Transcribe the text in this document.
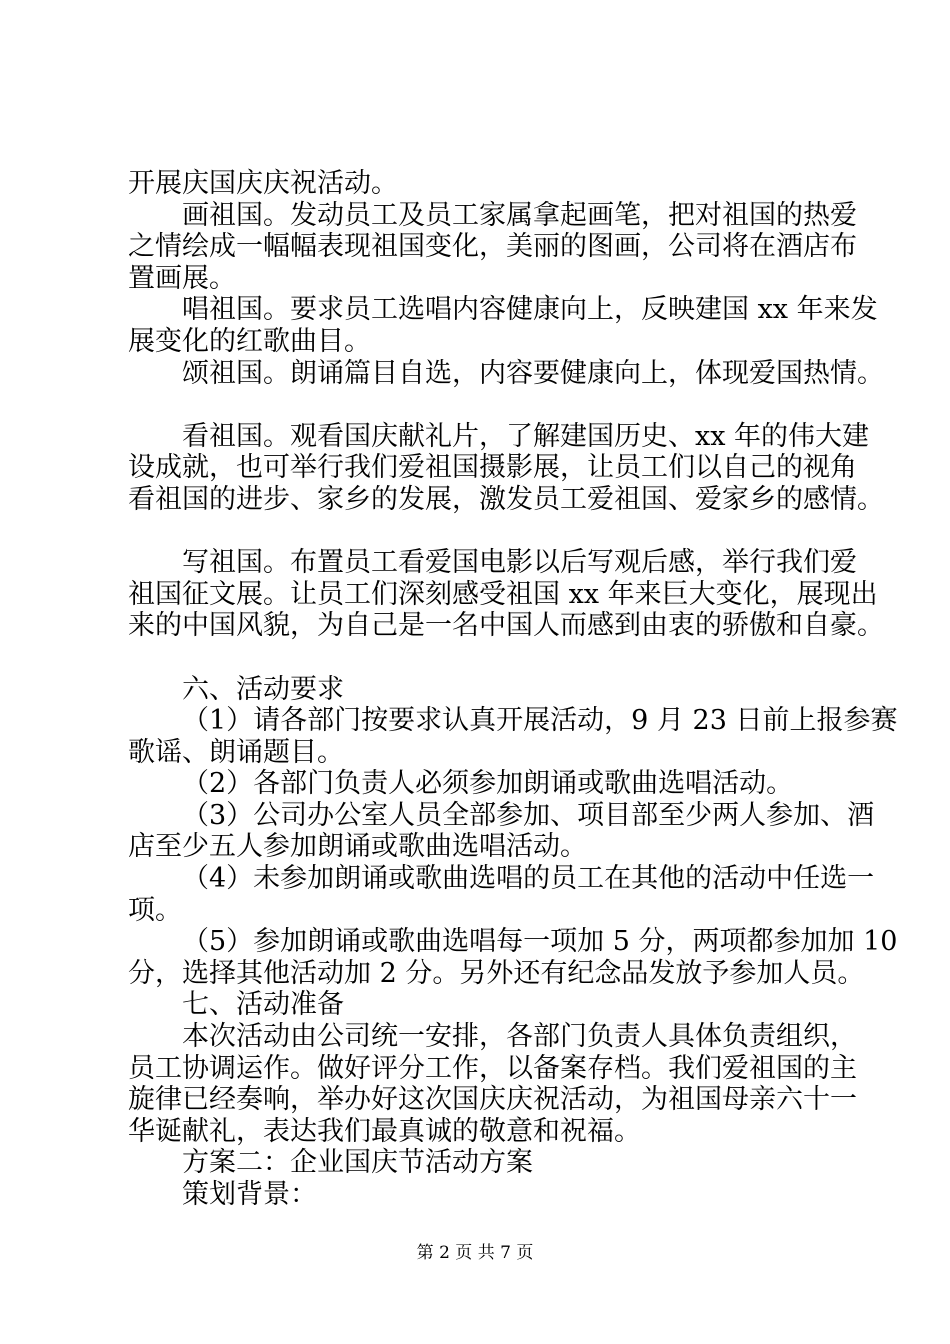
开展庆国庆庆祝活动。
画祖国。发动员工及员工家属拿起画笔，把对祖国的热爱
之情绘成一幅幅表现祖国变化，美丽的图画，公司将在酒店布
置画展。
唱祖国。要求员工选唱内容健康向上，反映建国 xx 年来发
展变化的红歌曲目。
颂祖国。朗诵篇目自选，内容要健康向上，体现爱国热情。
看祖国。观看国庆献礼片，了解建国历史、xx 年的伟大建
设成就，也可举行我们爱祖国摄影展，让员工们以自己的视角
看祖国的进步、家乡的发展，激发员工爱祖国、爱家乡的感情。
写祖国。布置员工看爱国电影以后写观后感，举行我们爱
祖国征文展。让员工们深刻感受祖国 xx 年来巨大变化，展现出
来的中国风貌，为自己是一名中国人而感到由衷的骄傲和自豪。
六、活动要求
（1）请各部门按要求认真开展活动，9 月 23 日前上报参赛
歌谣、朗诵题目。
（2）各部门负责人必须参加朗诵或歌曲选唱活动。
（3）公司办公室人员全部参加、项目部至少两人参加、酒
店至少五人参加朗诵或歌曲选唱活动。
（4）未参加朗诵或歌曲选唱的员工在其他的活动中任选一
项。
（5）参加朗诵或歌曲选唱每一项加 5 分，两项都参加加 10
分，选择其他活动加 2 分。另外还有纪念品发放予参加人员。
七、活动准备
本次活动由公司统一安排，各部门负责人具体负责组织，
员工协调运作。做好评分工作，以备案存档。我们爱祖国的主
旋律已经奏响，举办好这次国庆庆祝活动，为祖国母亲六十一
华诞献礼，表达我们最真诚的敬意和祝福。
方案二：企业国庆节活动方案
策划背景：
第 2 页 共 7 页
